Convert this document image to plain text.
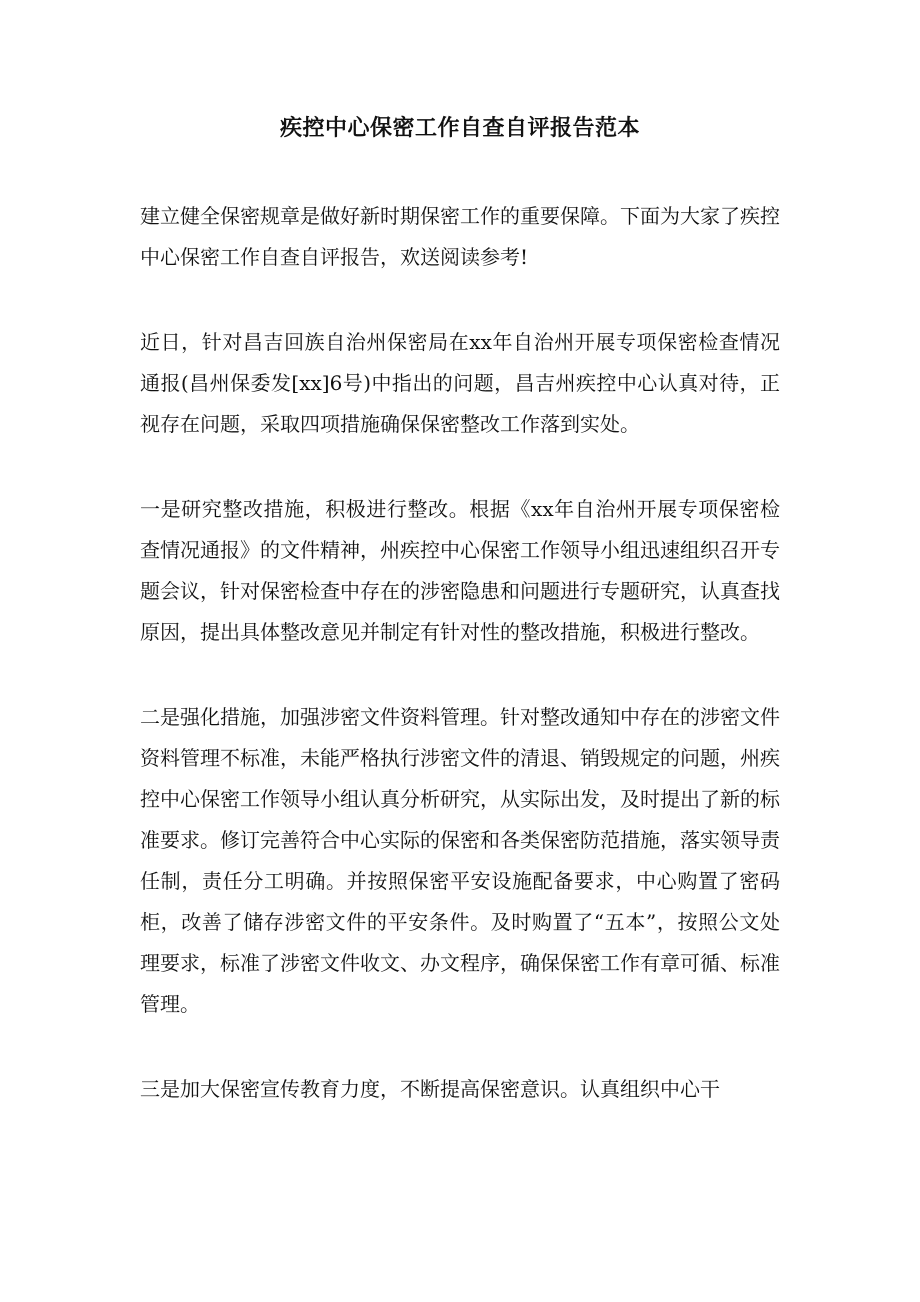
疾控中心保密工作自查自评报告范本

建立健全保密规章是做好新时期保密工作的重要保障。下面为大家了疾控中心保密工作自查自评报告，欢送阅读参考!

近日，针对昌吉回族自治州保密局在xx年自治州开展专项保密检查情况通报(昌州保委发[xx]6号)中指出的问题，昌吉州疾控中心认真对待，正视存在问题，采取四项措施确保保密整改工作落到实处。

一是研究整改措施，积极进行整改。根据《xx年自治州开展专项保密检查情况通报》的文件精神，州疾控中心保密工作领导小组迅速组织召开专题会议，针对保密检查中存在的涉密隐患和问题进行专题研究，认真查找原因，提出具体整改意见并制定有针对性的整改措施，积极进行整改。

二是强化措施，加强涉密文件资料管理。针对整改通知中存在的涉密文件资料管理不标准，未能严格执行涉密文件的清退、销毁规定的问题，州疾控中心保密工作领导小组认真分析研究，从实际出发，及时提出了新的标准要求。修订完善符合中心实际的保密和各类保密防范措施，落实领导责任制，责任分工明确。并按照保密平安设施配备要求，中心购置了密码柜，改善了储存涉密文件的平安条件。及时购置了“五本”，按照公文处理要求，标准了涉密文件收文、办文程序，确保保密工作有章可循、标准管理。

三是加大保密宣传教育力度，不断提高保密意识。认真组织中心干
